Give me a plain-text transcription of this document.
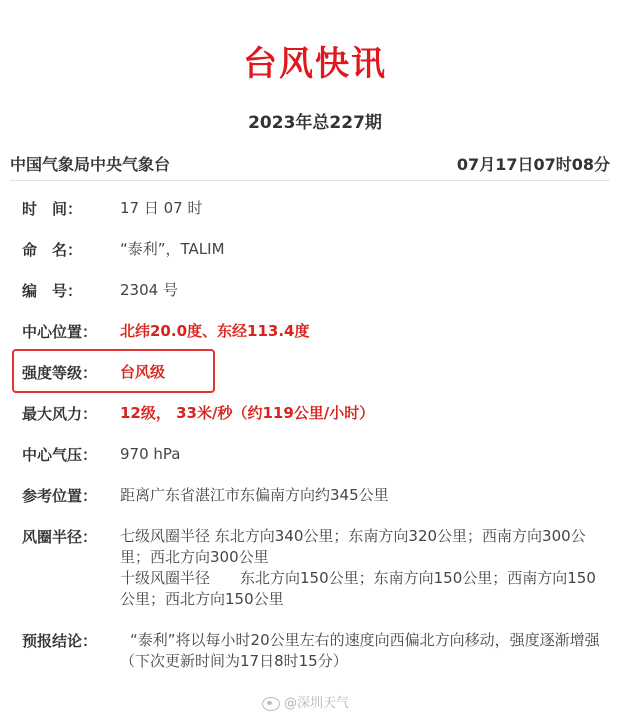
台风快讯
2023年总227期
中国气象局中央气象台	07月17日07时08分
时　间：	17 日 07 时
命　名：	“泰利”，TALIM
编　号：	2304 号
中心位置：	北纬20.0度、东经113.4度
强度等级：	台风级
最大风力：	12级， 33米/秒（约119公里/小时）
中心气压：	970 hPa
参考位置：	距离广东省湛江市东偏南方向约345公里
风圈半径：	七级风圈半径 东北方向340公里；东南方向320公里；西南方向300公里；西北方向300公里
十级风圈半径　　东北方向150公里；东南方向150公里；西南方向150公里；西北方向150公里
预报结论：	“泰利”将以每小时20公里左右的速度向西偏北方向移动，强度逐渐增强
（下次更新时间为17日8时15分）
@深圳天气
